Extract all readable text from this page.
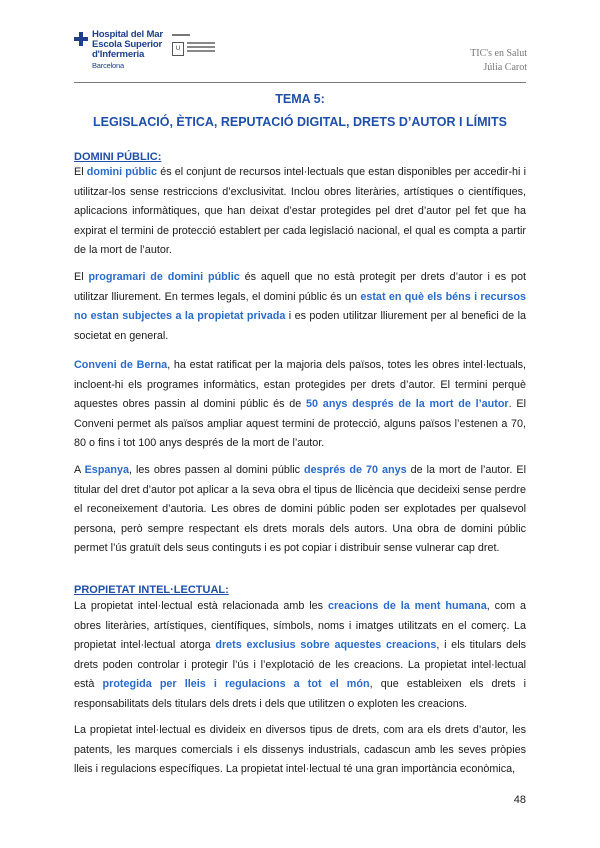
Hospital del Mar
Escola Superior
d'Infermeria
Barcelona
U	TIC's en Salut
Júlia Carot
TEMA 5:
LEGISLACIÓ, ÈTICA, REPUTACIÓ DIGITAL, DRETS D’AUTOR I LÍMITS
DOMINI PÚBLIC:
El domini públic és el conjunt de recursos intel·lectuals que estan disponibles per accedir-hi i utilitzar-los sense restriccions d’exclusivitat. Inclou obres literàries, artístiques o científiques, aplicacions informàtiques, que han deixat d’estar protegides pel dret d’autor pel fet que ha expirat el termini de protecció establert per cada legislació nacional, el qual es compta a partir de la mort de l’autor.
El programari de domini públic és aquell que no està protegit per drets d’autor i es pot utilitzar lliurement. En termes legals, el domini públic és un estat en què els béns i recursos no estan subjectes a la propietat privada i es poden utilitzar lliurement per al benefici de la societat en general.
Conveni de Berna, ha estat ratificat per la majoria dels països, totes les obres intel·lectuals, incloent-hi els programes informàtics, estan protegides per drets d’autor. El termini perquè aquestes obres passin al domini públic és de 50 anys després de la mort de l’autor. El Conveni permet als països ampliar aquest termini de protecció, alguns països l’estenen a 70, 80 o fins i tot 100 anys després de la mort de l’autor.
A Espanya, les obres passen al domini públic després de 70 anys de la mort de l’autor. El titular del dret d’autor pot aplicar a la seva obra el tipus de llicència que decideixi sense perdre el reconeixement d’autoria. Les obres de domini públic poden ser explotades per qualsevol persona, però sempre respectant els drets morals dels autors. Una obra de domini públic permet l’ús gratuït dels seus continguts i es pot copiar i distribuir sense vulnerar cap dret.
PROPIETAT INTEL·LECTUAL:
La propietat intel·lectual està relacionada amb les creacions de la ment humana, com a obres literàries, artístiques, científiques, símbols, noms i imatges utilitzats en el comerç. La propietat intel·lectual atorga drets exclusius sobre aquestes creacions, i els titulars dels drets poden controlar i protegir l’ús i l’explotació de les creacions. La propietat intel·lectual està protegida per lleis i regulacions a tot el món, que estableixen els drets i responsabilitats dels titulars dels drets i dels que utilitzen o exploten les creacions.
La propietat intel·lectual es divideix en diversos tipus de drets, com ara els drets d’autor, les patents, les marques comercials i els dissenys industrials, cadascun amb les seves pròpies lleis i regulacions específiques. La propietat intel·lectual té una gran importància econòmica,
48
